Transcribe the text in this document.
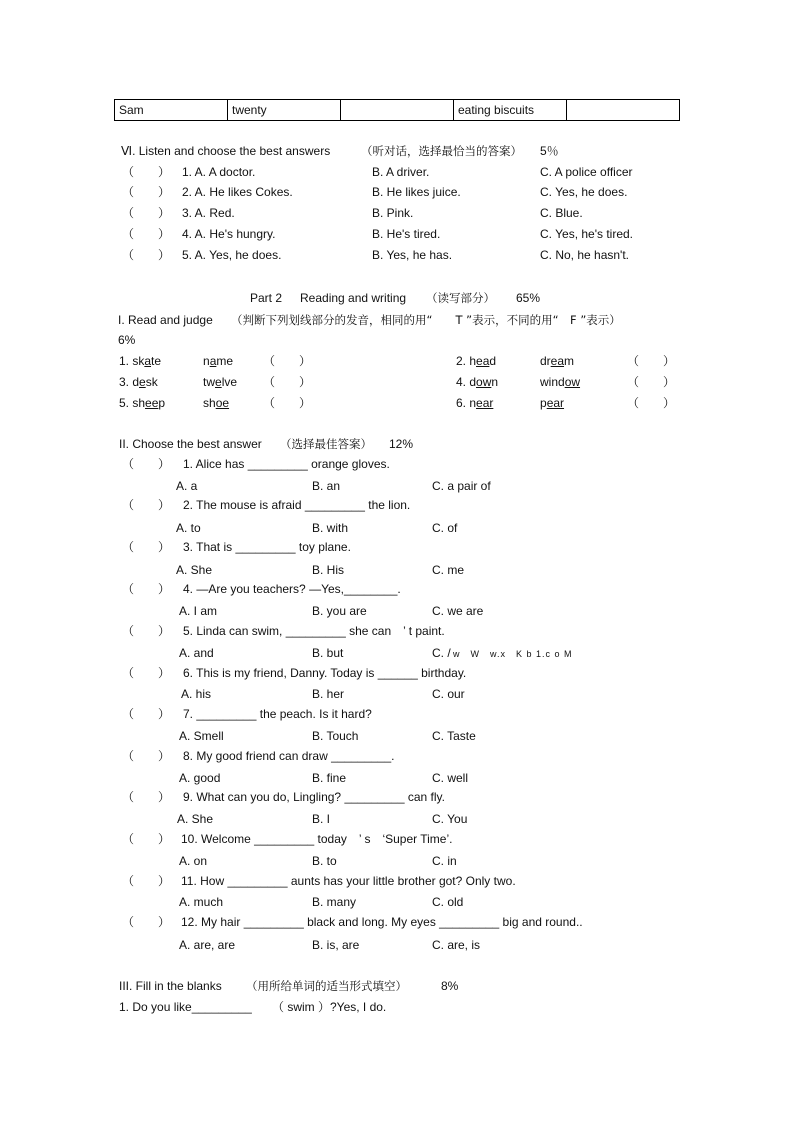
Sam	twenty		eating biscuits	
Ⅵ. Listen and choose the best answers	（听对话，选择最恰当的答案） 5％
（　　） 1. A. A doctor.	B. A driver.	C. A police officer
（　　） 2. A. He likes Cokes.	B. He likes juice.	C. Yes, he does.
（　　） 3. A. Red.	B. Pink.	C. Blue.
（　　） 4. A. He's hungry.	B. He's tired.	C. Yes, he's tired.
（　　） 5. A. Yes, he does.	B. Yes, he has.	C. No, he hasn't.
Part 2 Reading and writing （读写部分） 65%
I. Read and judge （判断下列划线部分的发音，相同的用“　　T ”表示，不同的用“　F ”表示）
6%
1. skate	name （　　）	2. head	dream	（　　）
3. desk	twelve （　　）	4. down	window	（　　）
5. sheep	shoe	（　　）	6. near	pear	（　　）
II. Choose the best answer （选择最佳答案） 12%
（　　） 1. Alice has _________ orange gloves.
A. a	B. an	C. a pair of
（　　） 2. The mouse is afraid _________ the lion.
A. to	B. with	C. of
（　　） 3. That is _________ toy plane.
A. She	B. His	C. me
（　　） 4. —Are you teachers? —Yes,________.
A. I am	B. you are	C. we are
（　　） 5. Linda can swim, _________ she can　’ t paint.
A. and	B. but	C. / w　W　w.x　K b 1.c o M
（　　） 6. This is my friend, Danny. Today is ______ birthday.
A. his	B. her	C. our
（　　） 7. _________ the peach. Is it hard?
A. Smell	B. Touch	C. Taste
（　　） 8. My good friend can draw _________.
A. good	B. fine	C. well
（　　） 9. What can you do, Lingling? _________ can fly.
A. She	B. I	C. You
（　　） 10. Welcome _________ today　’ s　‘Super Time’.
A. on	B. to	C. in
（　　） 11. How _________ aunts has your little brother got? Only two.
A. much	B. many	C. old
（　　） 12. My hair _________ black and long. My eyes _________ big and round..
A. are, are	B. is, are	C. are, is
III. Fill in the blanks （用所给单词的适当形式填空）	8%
1. Do you like_________ （ swim ）?Yes, I do.
